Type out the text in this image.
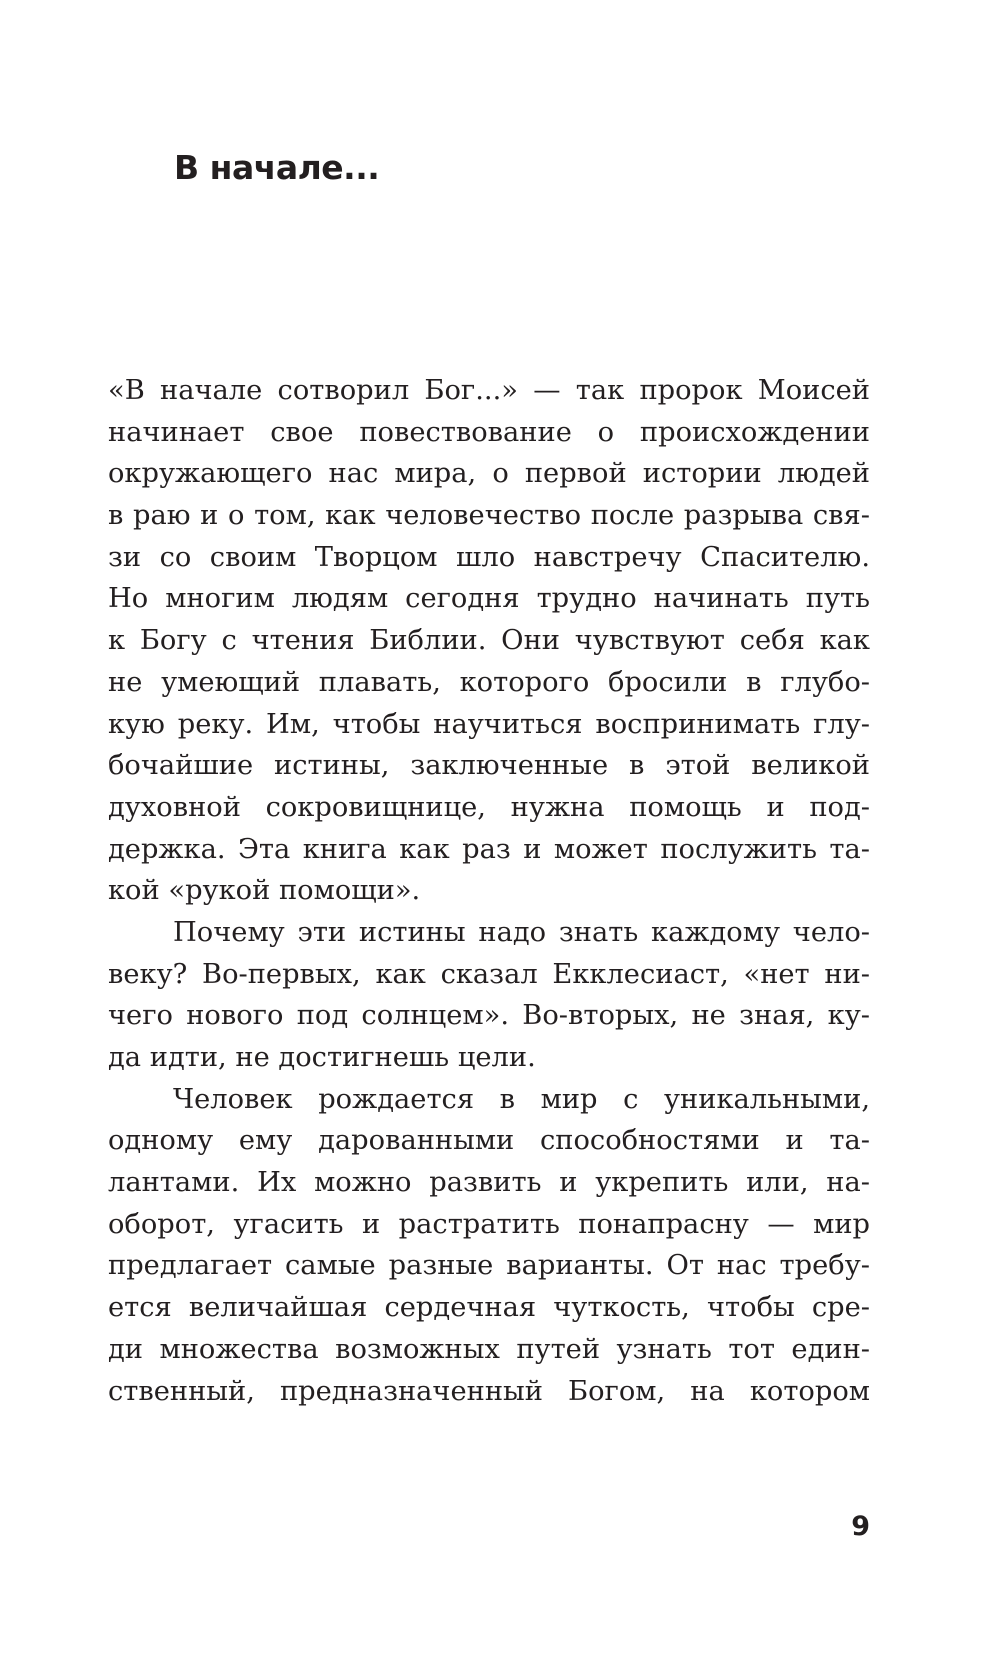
В начале...
«В начале сотворил Бог...» — так пророк Моисей
начинает свое повествование о происхождении
окружающего нас мира, о первой истории людей
в раю и о том, как человечество после разрыва свя-
зи со своим Творцом шло навстречу Спасителю.
Но многим людям сегодня трудно начинать путь
к Богу с чтения Библии. Они чувствуют себя как
не умеющий плавать, которого бросили в глубо-
кую реку. Им, чтобы научиться воспринимать глу-
бочайшие истины, заключенные в этой великой
духовной сокровищнице, нужна помощь и под-
держка. Эта книга как раз и может послужить та-
кой «рукой помощи».
Почему эти истины надо знать каждому чело-
веку? Во-первых, как сказал Екклесиаст, «нет ни-
чего нового под солнцем». Во-вторых, не зная, ку-
да идти, не достигнешь цели.
Человек рождается в мир с уникальными,
одному ему дарованными способностями и та-
лантами. Их можно развить и укрепить или, на-
оборот, угасить и растратить понапрасну — мир
предлагает самые разные варианты. От нас требу-
ется величайшая сердечная чуткость, чтобы сре-
ди множества возможных путей узнать тот един-
ственный, предназначенный Богом, на котором
9
